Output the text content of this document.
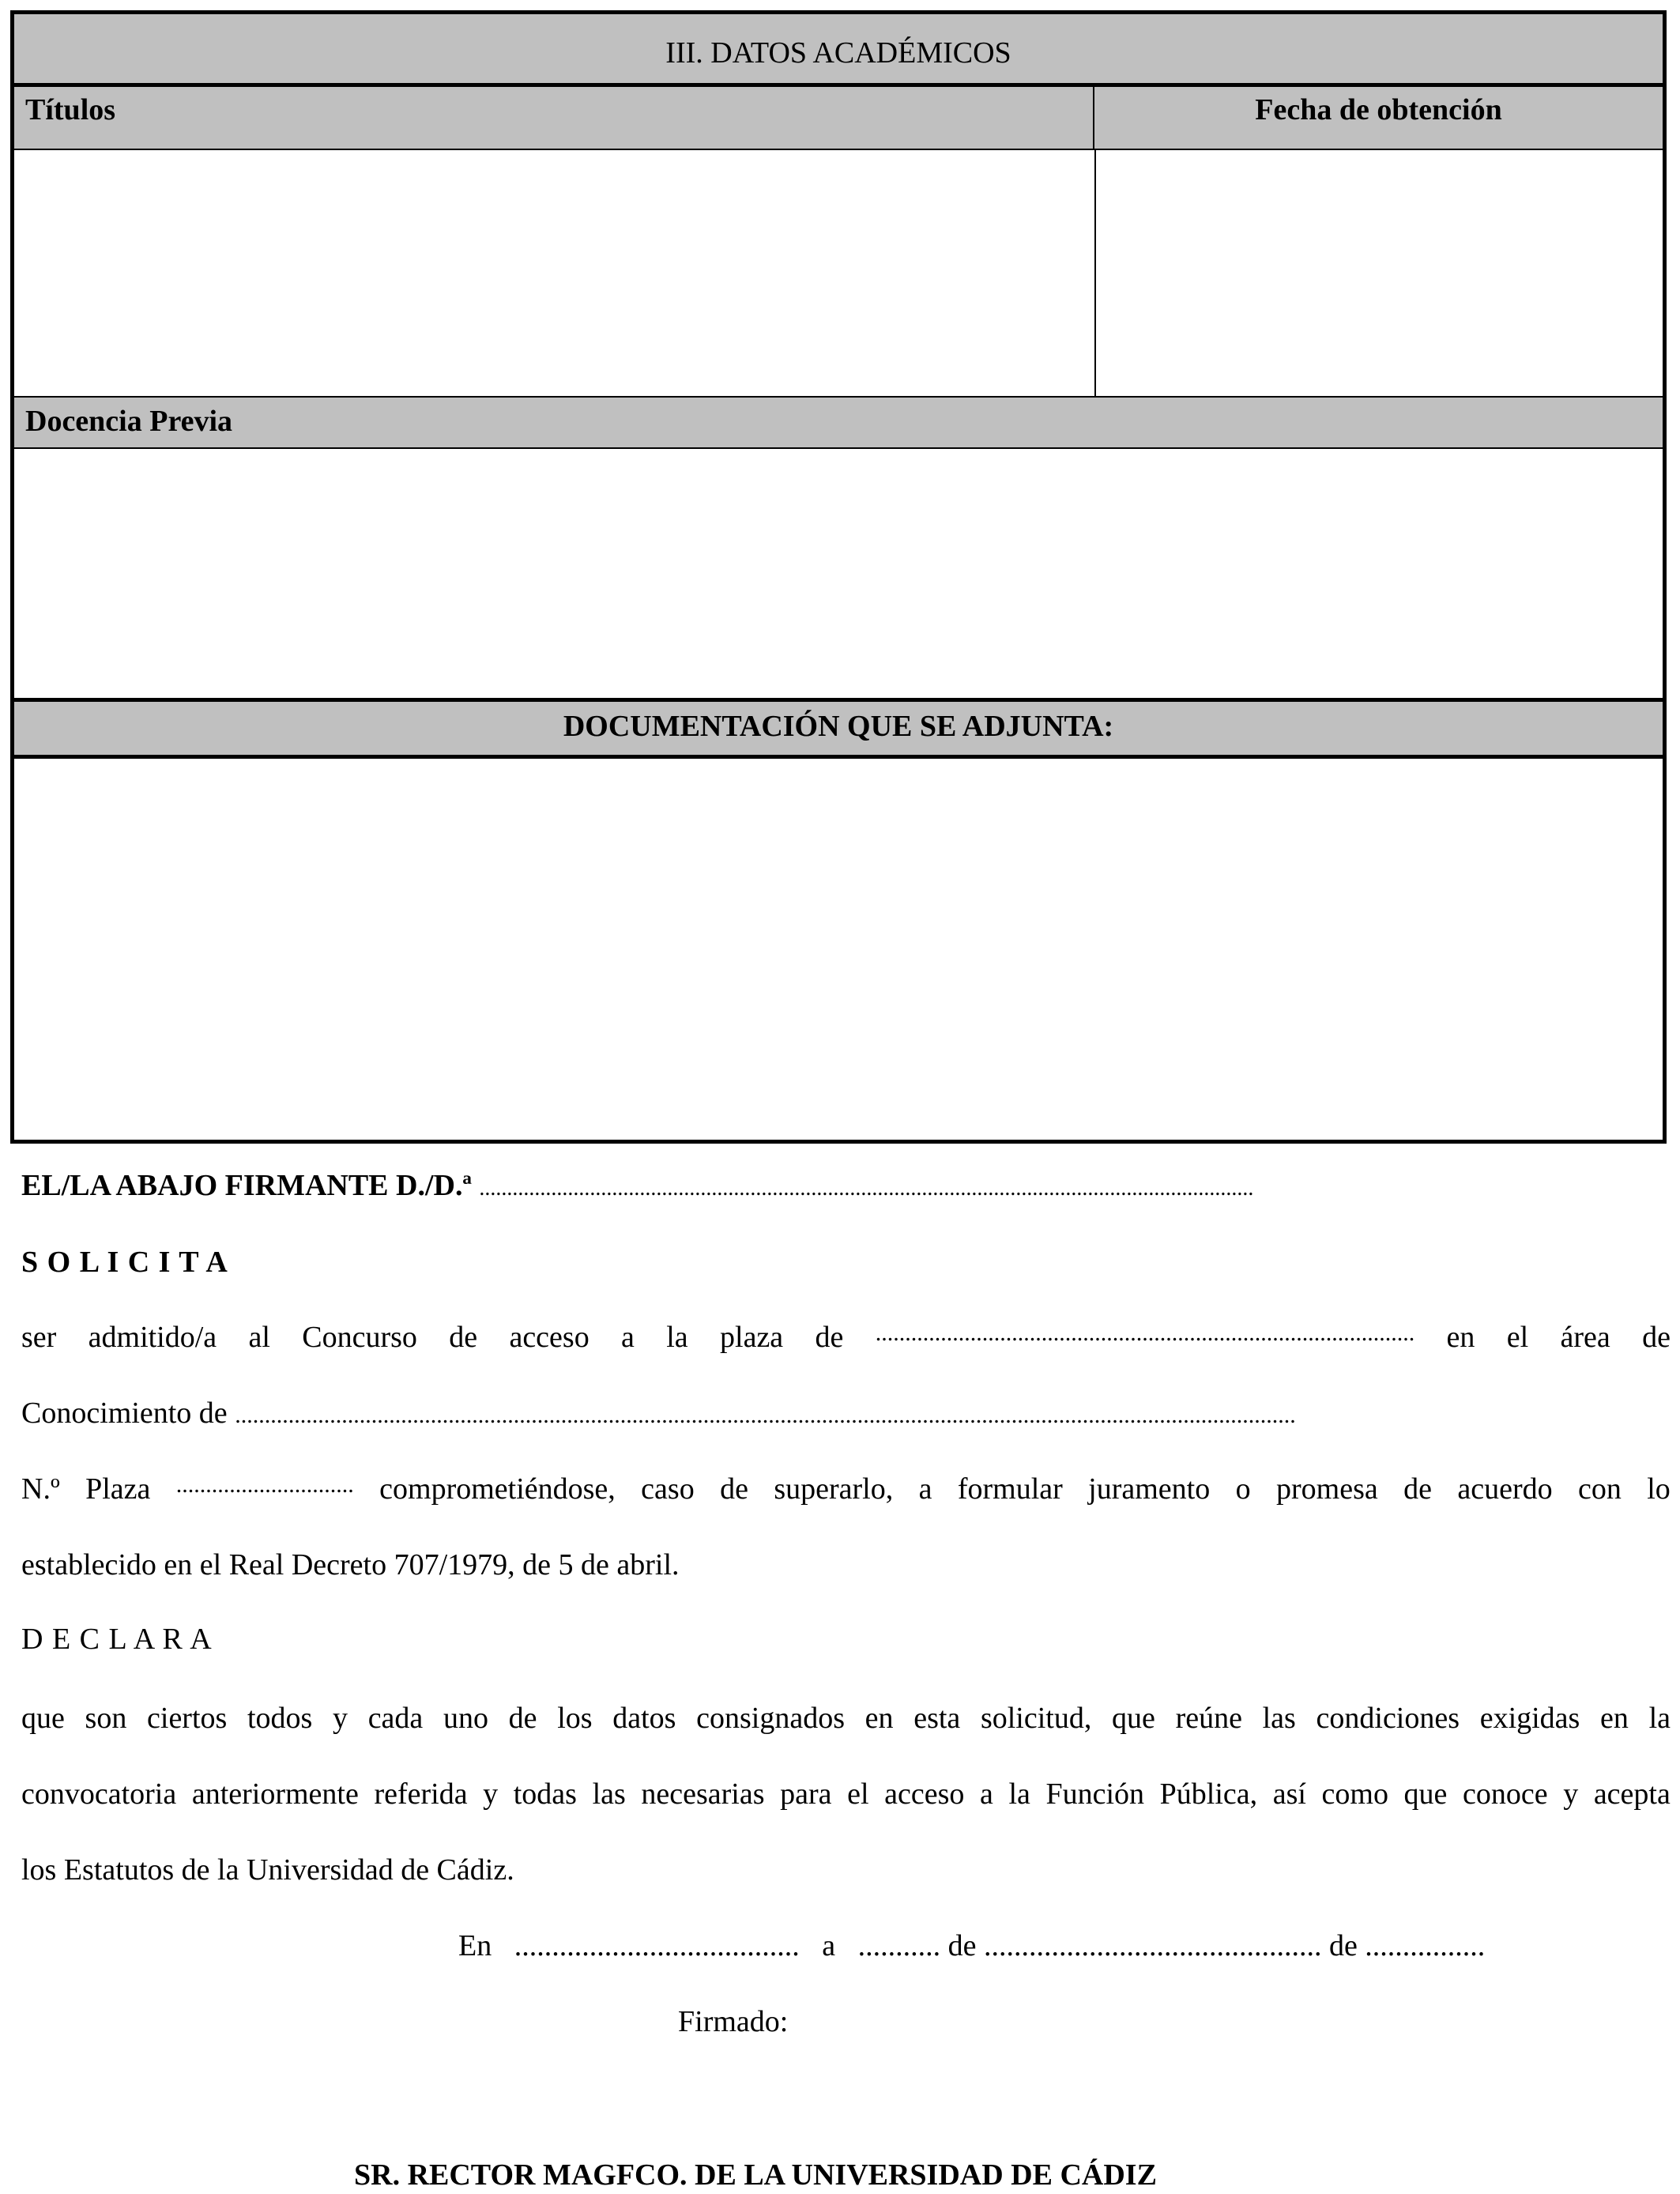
III. DATOS ACADÉMICOS
Títulos	Fecha de obtención
Docencia Previa
DOCUMENTACIÓN QUE SE ADJUNTA:
EL/LA ABAJO FIRMANTE D./D.ª ............................................................................................................................................
S O L I C I T A
ser admitido/a al Concurso de acceso a la plaza de ........................................................................................... en el área de
Conocimiento de ...................................................................................................................................................................................
N.º Plaza .............................. comprometiéndose, caso de superarlo, a formular juramento o promesa de acuerdo con lo
establecido en el Real Decreto 707/1979, de 5 de abril.
D E C L A R A
que son ciertos todos y cada uno de los datos consignados en esta solicitud, que reúne las condiciones exigidas en la
convocatoria anteriormente referida y todas las necesarias para el acceso a la Función Pública, así como que conoce y acepta
los Estatutos de la Universidad de Cádiz.
En   ......................................   a   ........... de ............................................. de ................
Firmado:
SR. RECTOR MAGFCO. DE LA UNIVERSIDAD DE CÁDIZ
